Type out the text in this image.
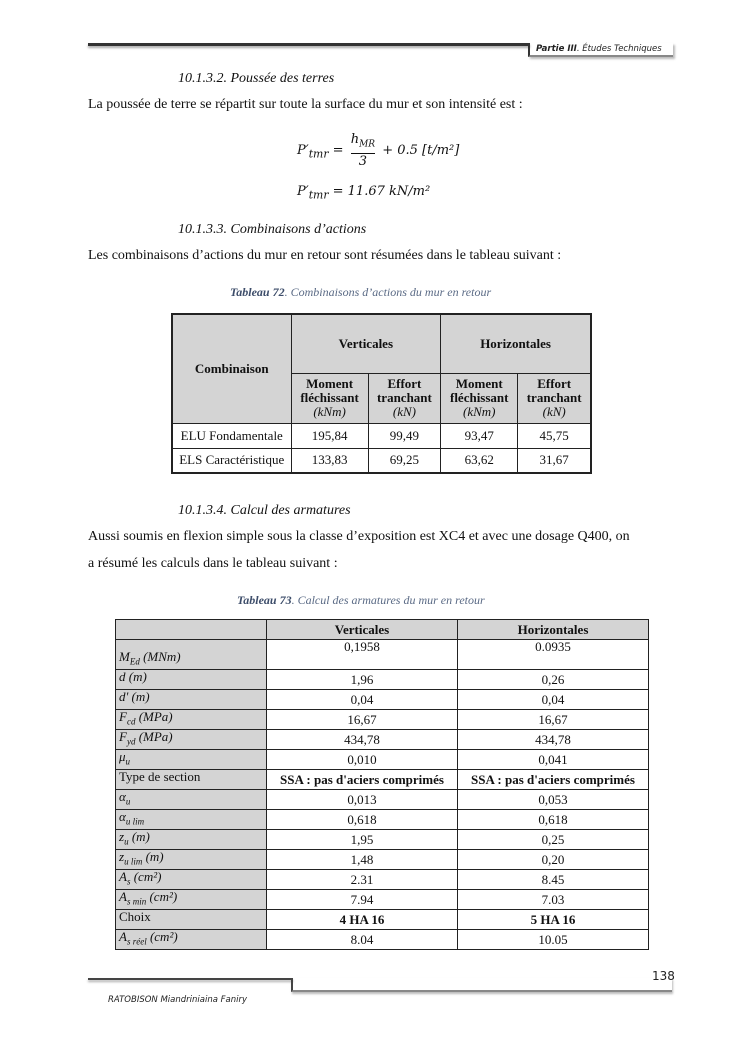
Partie III. Études Techniques
10.1.3.2. Poussée des terres
La poussée de terre se répartit sur toute la surface du mur et son intensité est :
$P'_{tmr} = \frac{h_{MR}}{3} + 0.5$ [t/m²]
$P'_{tmr} = 11.67$ kN/m²
10.1.3.3. Combinaisons d’actions
Les combinaisons d’actions du mur en retour sont résumées dans le tableau suivant :
Tableau 72. Combinaisons d’actions du mur en retour
Combinaison	Verticales		Horizontales	
	Moment
fléchissant
(kNm)	Effort
tranchant
(kN)	Moment
fléchissant
(kNm)	Effort
tranchant
(kN)
ELU Fondamentale	195,84	99,49	93,47	45,75
ELS Caractéristique	133,83	69,25	63,62	31,67
10.1.3.4. Calcul des armatures
Aussi soumis en flexion simple sous la classe d’exposition est XC4 et avec une dosage Q400, on
a résumé les calculs dans le tableau suivant :
Tableau 73. Calcul des armatures du mur en retour
	Verticales	Horizontales
$M_{Ed}$ (MNm)	0,1958	0.0935
d (m)	1,96	0,26
d' (m)	0,04	0,04
$F_{cd}$ (MPa)	16,67	16,67
$F_{yd}$ (MPa)	434,78	434,78
$\mu_u$	0,010	0,041
Type de section	SSA : pas d'aciers comprimés	SSA : pas d'aciers comprimés
$\alpha_u$	0,013	0,053
$\alpha_{u lim}$	0,618	0,618
$z_u$ (m)	1,95	0,25
$z_{u lim}$ (m)	1,48	0,20
$A_s$ (cm²)	2.31	8.45
$A_{s min}$ (cm²)	7.94	7.03
Choix	4 HA 16	5 HA 16
$A_{s réel}$ (cm²)	8.04	10.05
RATOBISON Miandriniaina Faniry
138
